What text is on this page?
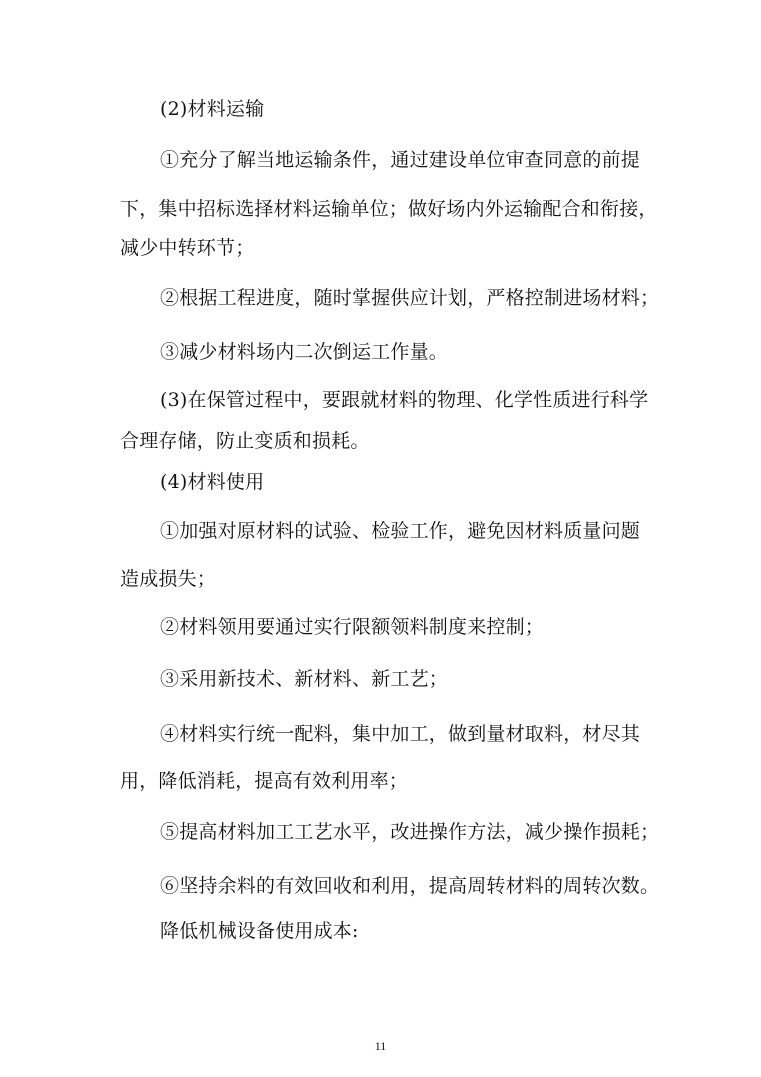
(2)材料运输
①充分了解当地运输条件，通过建设单位审查同意的前提
下，集中招标选择材料运输单位；做好场内外运输配合和衔接，
减少中转环节；
②根据工程进度，随时掌握供应计划，严格控制进场材料；
③减少材料场内二次倒运工作量。
(3)在保管过程中，要跟就材料的物理、化学性质进行科学
合理存储，防止变质和损耗。
(4)材料使用
①加强对原材料的试验、检验工作，避免因材料质量问题
造成损失；
②材料领用要通过实行限额领料制度来控制；
③采用新技术、新材料、新工艺；
④材料实行统一配料，集中加工，做到量材取料，材尽其
用，降低消耗，提高有效利用率；
⑤提高材料加工工艺水平，改进操作方法，减少操作损耗；
⑥坚持余料的有效回收和利用，提高周转材料的周转次数。
降低机械设备使用成本:
11
